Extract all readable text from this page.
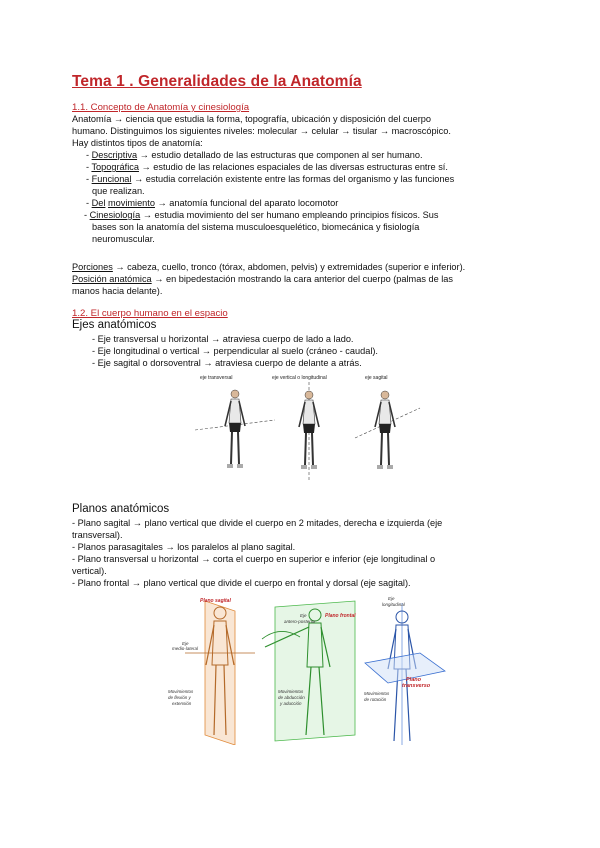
Tema 1 . Generalidades de la Anatomía
1.1. Concepto de Anatomía y cinesiología
Anatomía → ciencia que estudia la forma, topografía, ubicación y disposición del cuerpo
humano. Distinguimos los siguientes niveles: molecular → celular → tisular → macroscópico.
Hay distintos tipos de anatomía:
- Descriptiva → estudio detallado de las estructuras que componen al ser humano.
- Topográfica → estudio de las relaciones espaciales de las diversas estructuras entre sí.
- Funcional → estudia correlación existente entre las formas del organismo y las funciones
que realizan.
- Del movimiento → anatomía funcional del aparato locomotor
- Cinesiología → estudia movimiento del ser humano empleando principios físicos. Sus
bases son la anatomía del sistema musculoesquelético, biomecánica y fisiología
neuromuscular.
Porciones → cabeza, cuello, tronco (tórax, abdomen, pelvis) y extremidades (superior e inferior).
Posición anatómica → en bipedestación mostrando la cara anterior del cuerpo (palmas de las
manos hacia delante).
1.2. El cuerpo humano en el espacio
Ejes anatómicos
- Eje transversal u horizontal → atraviesa cuerpo de lado a lado.
- Eje longitudinal o vertical → perpendicular al suelo (cráneo - caudal).
- Eje sagital o dorsoventral → atraviesa cuerpo de delante a atrás.
eje transversal	eje vertical o longitudinal	eje sagital
Planos anatómicos
- Plano sagital → plano vertical que divide el cuerpo en 2 mitades, derecha e izquierda (eje
transversal).
- Planos parasagitales → los paralelos al plano sagital.
- Plano transversal u horizontal → corta el cuerpo en superior e inferior (eje longitudinal o
vertical).
- Plano frontal → plano vertical que divide el cuerpo en frontal y dorsal (eje sagital).
Plano sagital
Eje
medio-lateral
Movimientos
de flexión y
extensión
Eje
antero-posterior
Plano frontal
Movimientos
de abducción
y aducción
Eje
longitudinal
Plano
transverso
Movimientos
de rotación
